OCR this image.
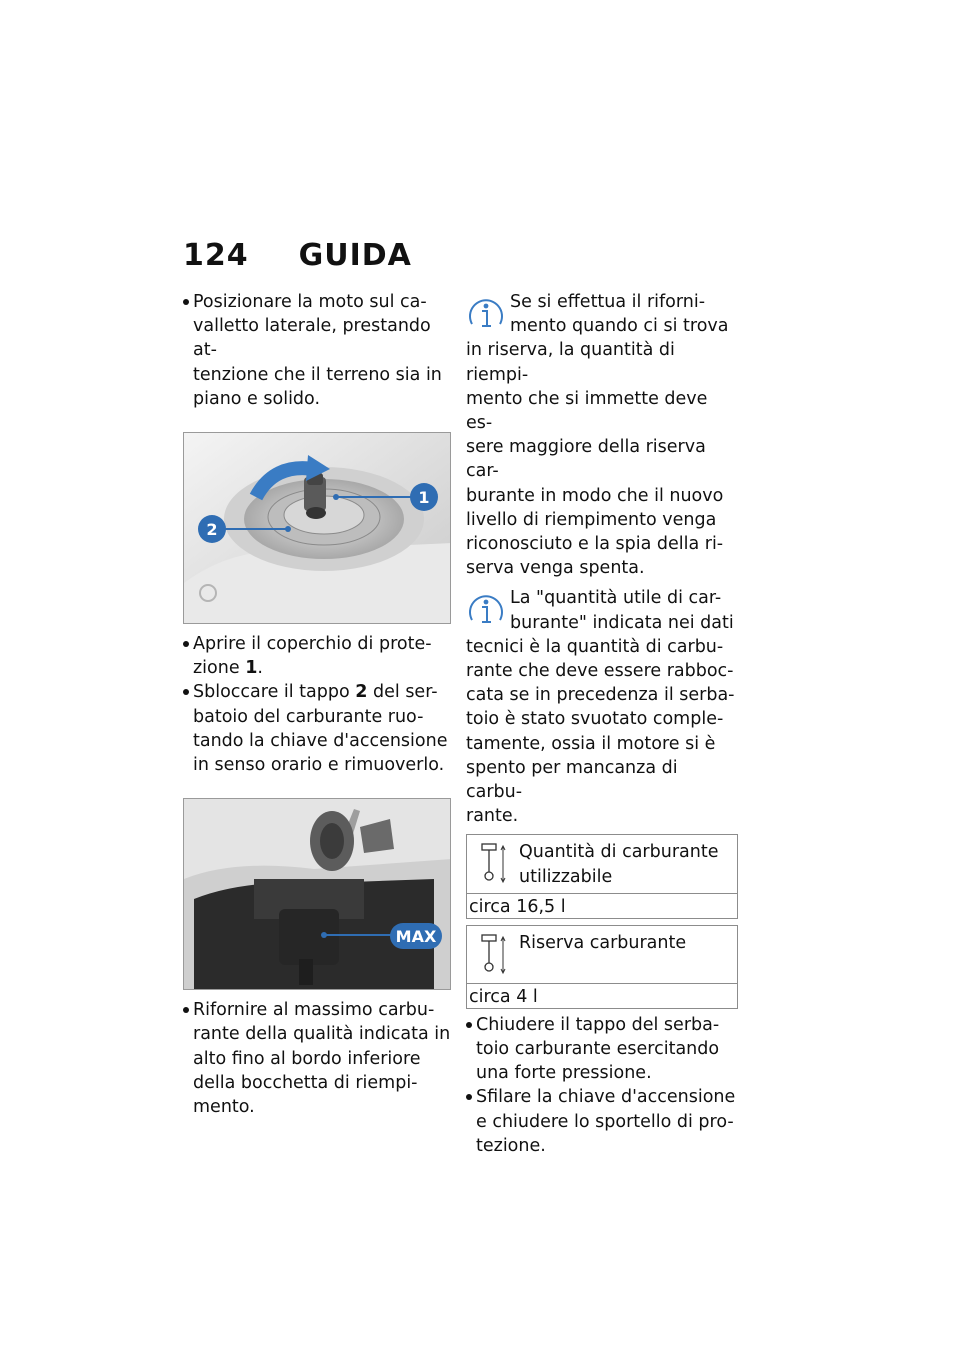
124 GUIDA
Posizionare la moto sul ca-
valletto laterale, prestando at-
tenzione che il terreno sia in
piano e solido.
1
2
Aprire il coperchio di prote-
zione 1.
Sbloccare il tappo 2 del ser-
batoio del carburante ruo-
tando la chiave d'accensione
in senso orario e rimuoverlo.
MAX
Rifornire al massimo carbu-
rante della qualità indicata in
alto fino al bordo inferiore
della bocchetta di riempi-
mento.

Se si effettua il riforni-
mento quando ci si trova
in riserva, la quantità di riempi-
mento che si immette deve es-
sere maggiore della riserva car-
burante in modo che il nuovo
livello di riempimento venga
riconosciuto e la spia della ri-
serva venga spenta.

La "quantità utile di car-
burante" indicata nei dati
tecnici è la quantità di carbu-
rante che deve essere rabboc-
cata se in precedenza il serba-
toio è stato svuotato comple-
tamente, ossia il motore si è
spento per mancanza di carbu-
rante.

Quantità di carburante
utilizzabile
circa 16,5 l
Riserva carburante
circa 4 l
Chiudere il tappo del serba-
toio carburante esercitando
una forte pressione.
Sfilare la chiave d'accensione
e chiudere lo sportello di pro-
tezione.
